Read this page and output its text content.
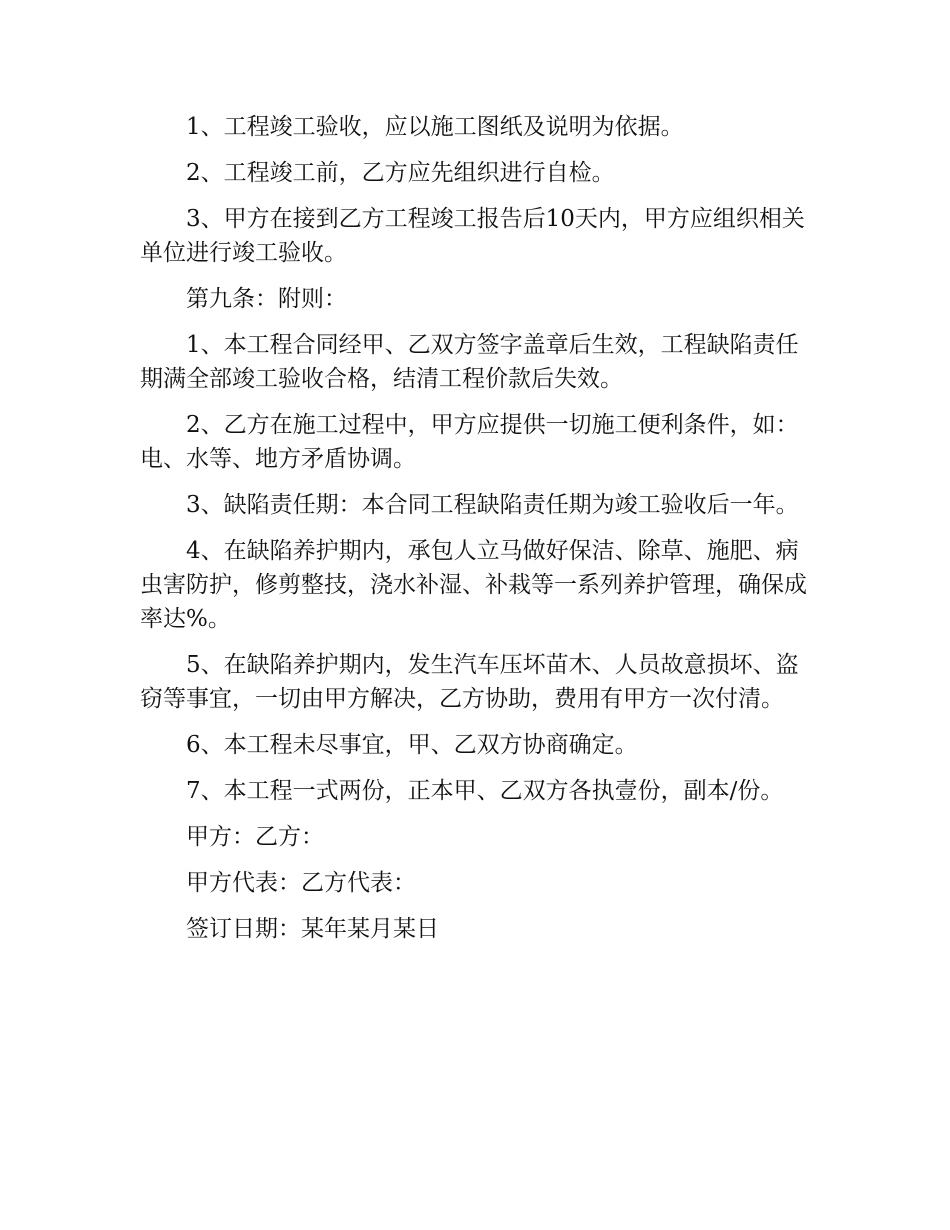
1、工程竣工验收，应以施工图纸及说明为依据。

2、工程竣工前，乙方应先组织进行自检。

3、甲方在接到乙方工程竣工报告后10天内，甲方应组织相关单位进行竣工验收。

第九条：附则：

1、本工程合同经甲、乙双方签字盖章后生效，工程缺陷责任期满全部竣工验收合格，结清工程价款后失效。

2、乙方在施工过程中，甲方应提供一切施工便利条件，如：电、水等、地方矛盾协调。

3、缺陷责任期：本合同工程缺陷责任期为竣工验收后一年。

4、在缺陷养护期内，承包人立马做好保洁、除草、施肥、病虫害防护，修剪整技，浇水补湿、补栽等一系列养护管理，确保成率达%。

5、在缺陷养护期内，发生汽车压坏苗木、人员故意损坏、盗窃等事宜，一切由甲方解决，乙方协助，费用有甲方一次付清。

6、本工程未尽事宜，甲、乙双方协商确定。

7、本工程一式两份，正本甲、乙双方各执壹份，副本/份。

甲方：乙方：

甲方代表：乙方代表：

签订日期：某年某月某日
